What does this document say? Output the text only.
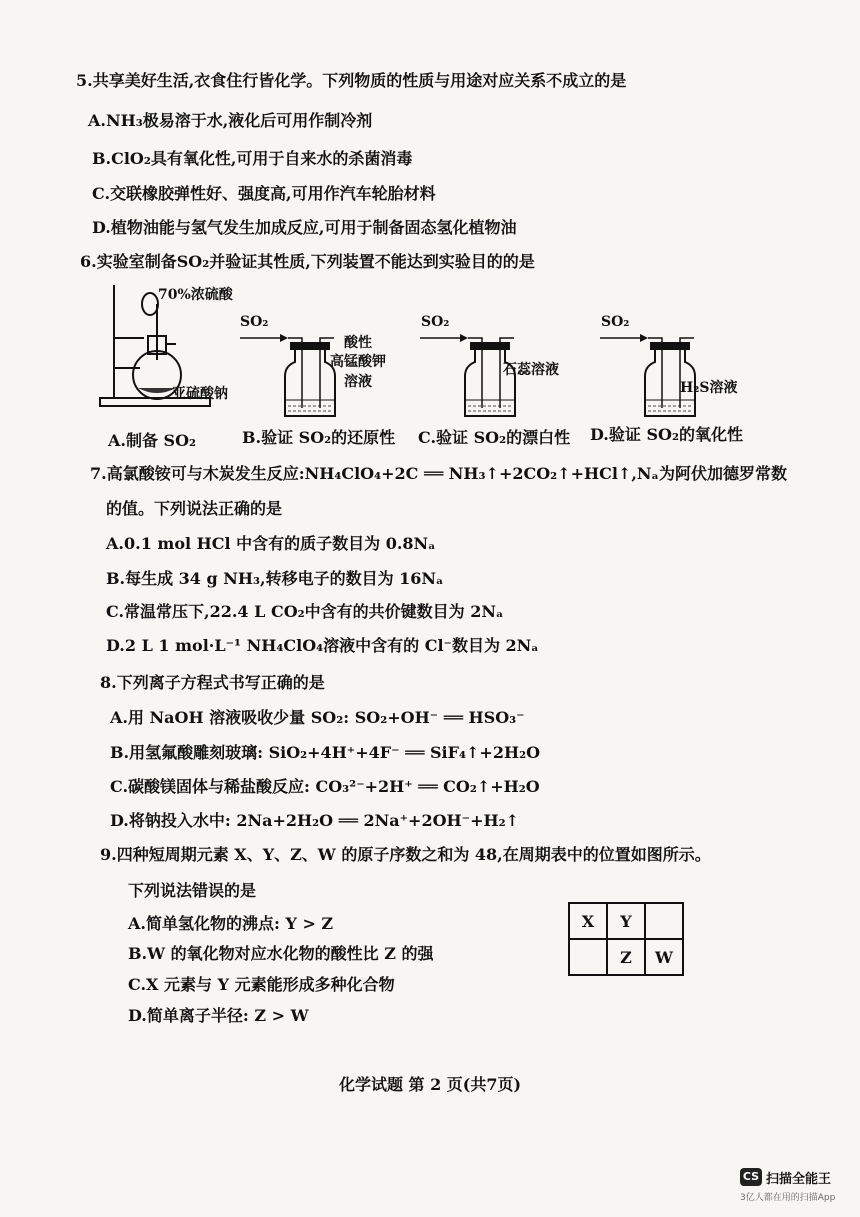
5.共享美好生活,衣食住行皆化学。下列物质的性质与用途对应关系不成立的是
A.NH₃极易溶于水,液化后可用作制冷剂
B.ClO₂具有氧化性,可用于自来水的杀菌消毒
C.交联橡胶弹性好、强度高,可用作汽车轮胎材料
D.植物油能与氢气发生加成反应,可用于制备固态氢化植物油
6.实验室制备SO₂并验证其性质,下列装置不能达到实验目的的是
70%浓硫酸
亚硫酸钠
SO₂
酸性
高锰酸钾
溶液
SO₂
石蕊溶液
SO₂
H₂S溶液
A.制备 SO₂	B.验证 SO₂的还原性 C.验证 SO₂的漂白性 D.验证 SO₂的氧化性
7.高氯酸铵可与木炭发生反应:NH₄ClO₄+2C ══ NH₃↑+2CO₂↑+HCl↑,Nₐ为阿伏加德罗常数
的值。下列说法正确的是
A.0.1 mol HCl 中含有的质子数目为 0.8Nₐ
B.每生成 34 g NH₃,转移电子的数目为 16Nₐ
C.常温常压下,22.4 L CO₂中含有的共价键数目为 2Nₐ
D.2 L 1 mol·L⁻¹ NH₄ClO₄溶液中含有的 Cl⁻数目为 2Nₐ
8.下列离子方程式书写正确的是
A.用 NaOH 溶液吸收少量 SO₂: SO₂+OH⁻ ══ HSO₃⁻
B.用氢氟酸雕刻玻璃: SiO₂+4H⁺+4F⁻ ══ SiF₄↑+2H₂O
C.碳酸镁固体与稀盐酸反应: CO₃²⁻+2H⁺ ══ CO₂↑+H₂O
D.将钠投入水中: 2Na+2H₂O ══ 2Na⁺+2OH⁻+H₂↑
9.四种短周期元素 X、Y、Z、W 的原子序数之和为 48,在周期表中的位置如图所示。
下列说法错误的是
A.简单氢化物的沸点: Y > Z
B.W 的氧化物对应水化物的酸性比 Z 的强
C.X 元素与 Y 元素能形成多种化合物
D.简单离子半径: Z > W
X	Y	
	Z	W
化学试题 第 2 页(共7页)
CS 扫描全能王
3亿人都在用的扫描App
